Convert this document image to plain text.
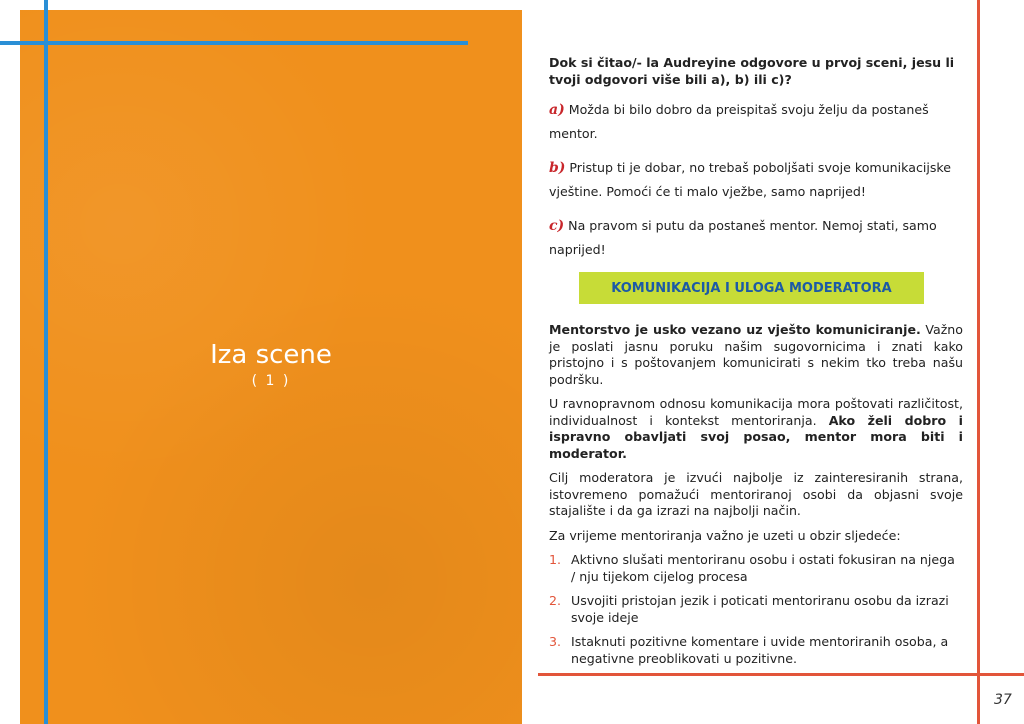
Iza scene
( 1 )

Dok si čitao/- la Audreyine odgovore u prvoj sceni, jesu li tvoji odgovori više bili a), b) ili c)?

a) Možda bi bilo dobro da preispitaš svoju želju da postaneš mentor.

b) Pristup ti je dobar, no trebaš poboljšati svoje komunikacijske vještine. Pomoći će ti malo vježbe, samo naprijed!

c) Na pravom si putu da postaneš mentor. Nemoj stati, samo naprijed!

KOMUNIKACIJA I ULOGA MODERATORA

Mentorstvo je usko vezano uz vješto komuniciranje. Važno je poslati jasnu poruku našim sugovornicima i znati kako pristojno i s poštovanjem komunicirati s nekim tko treba našu podršku.

U ravnopravnom odnosu komunikacija mora poštovati različitost, individualnost i kontekst mentoriranja. Ako želi dobro i ispravno obavljati svoj posao, mentor mora biti i moderator.

Cilj moderatora je izvući najbolje iz zainteresiranih strana, istovremeno pomažući mentoriranoj osobi da objasni svoje stajalište i da ga izrazi na najbolji način.

Za vrijeme mentoriranja važno je uzeti u obzir sljedeće:

1. Aktivno slušati mentoriranu osobu i ostati fokusiran na njega / nju tijekom cijelog procesa
2. Usvojiti pristojan jezik i poticati mentoriranu osobu da izrazi svoje ideje
3. Istaknuti pozitivne komentare i uvide mentoriranih osoba, a negativne preoblikovati u pozitivne.
37
